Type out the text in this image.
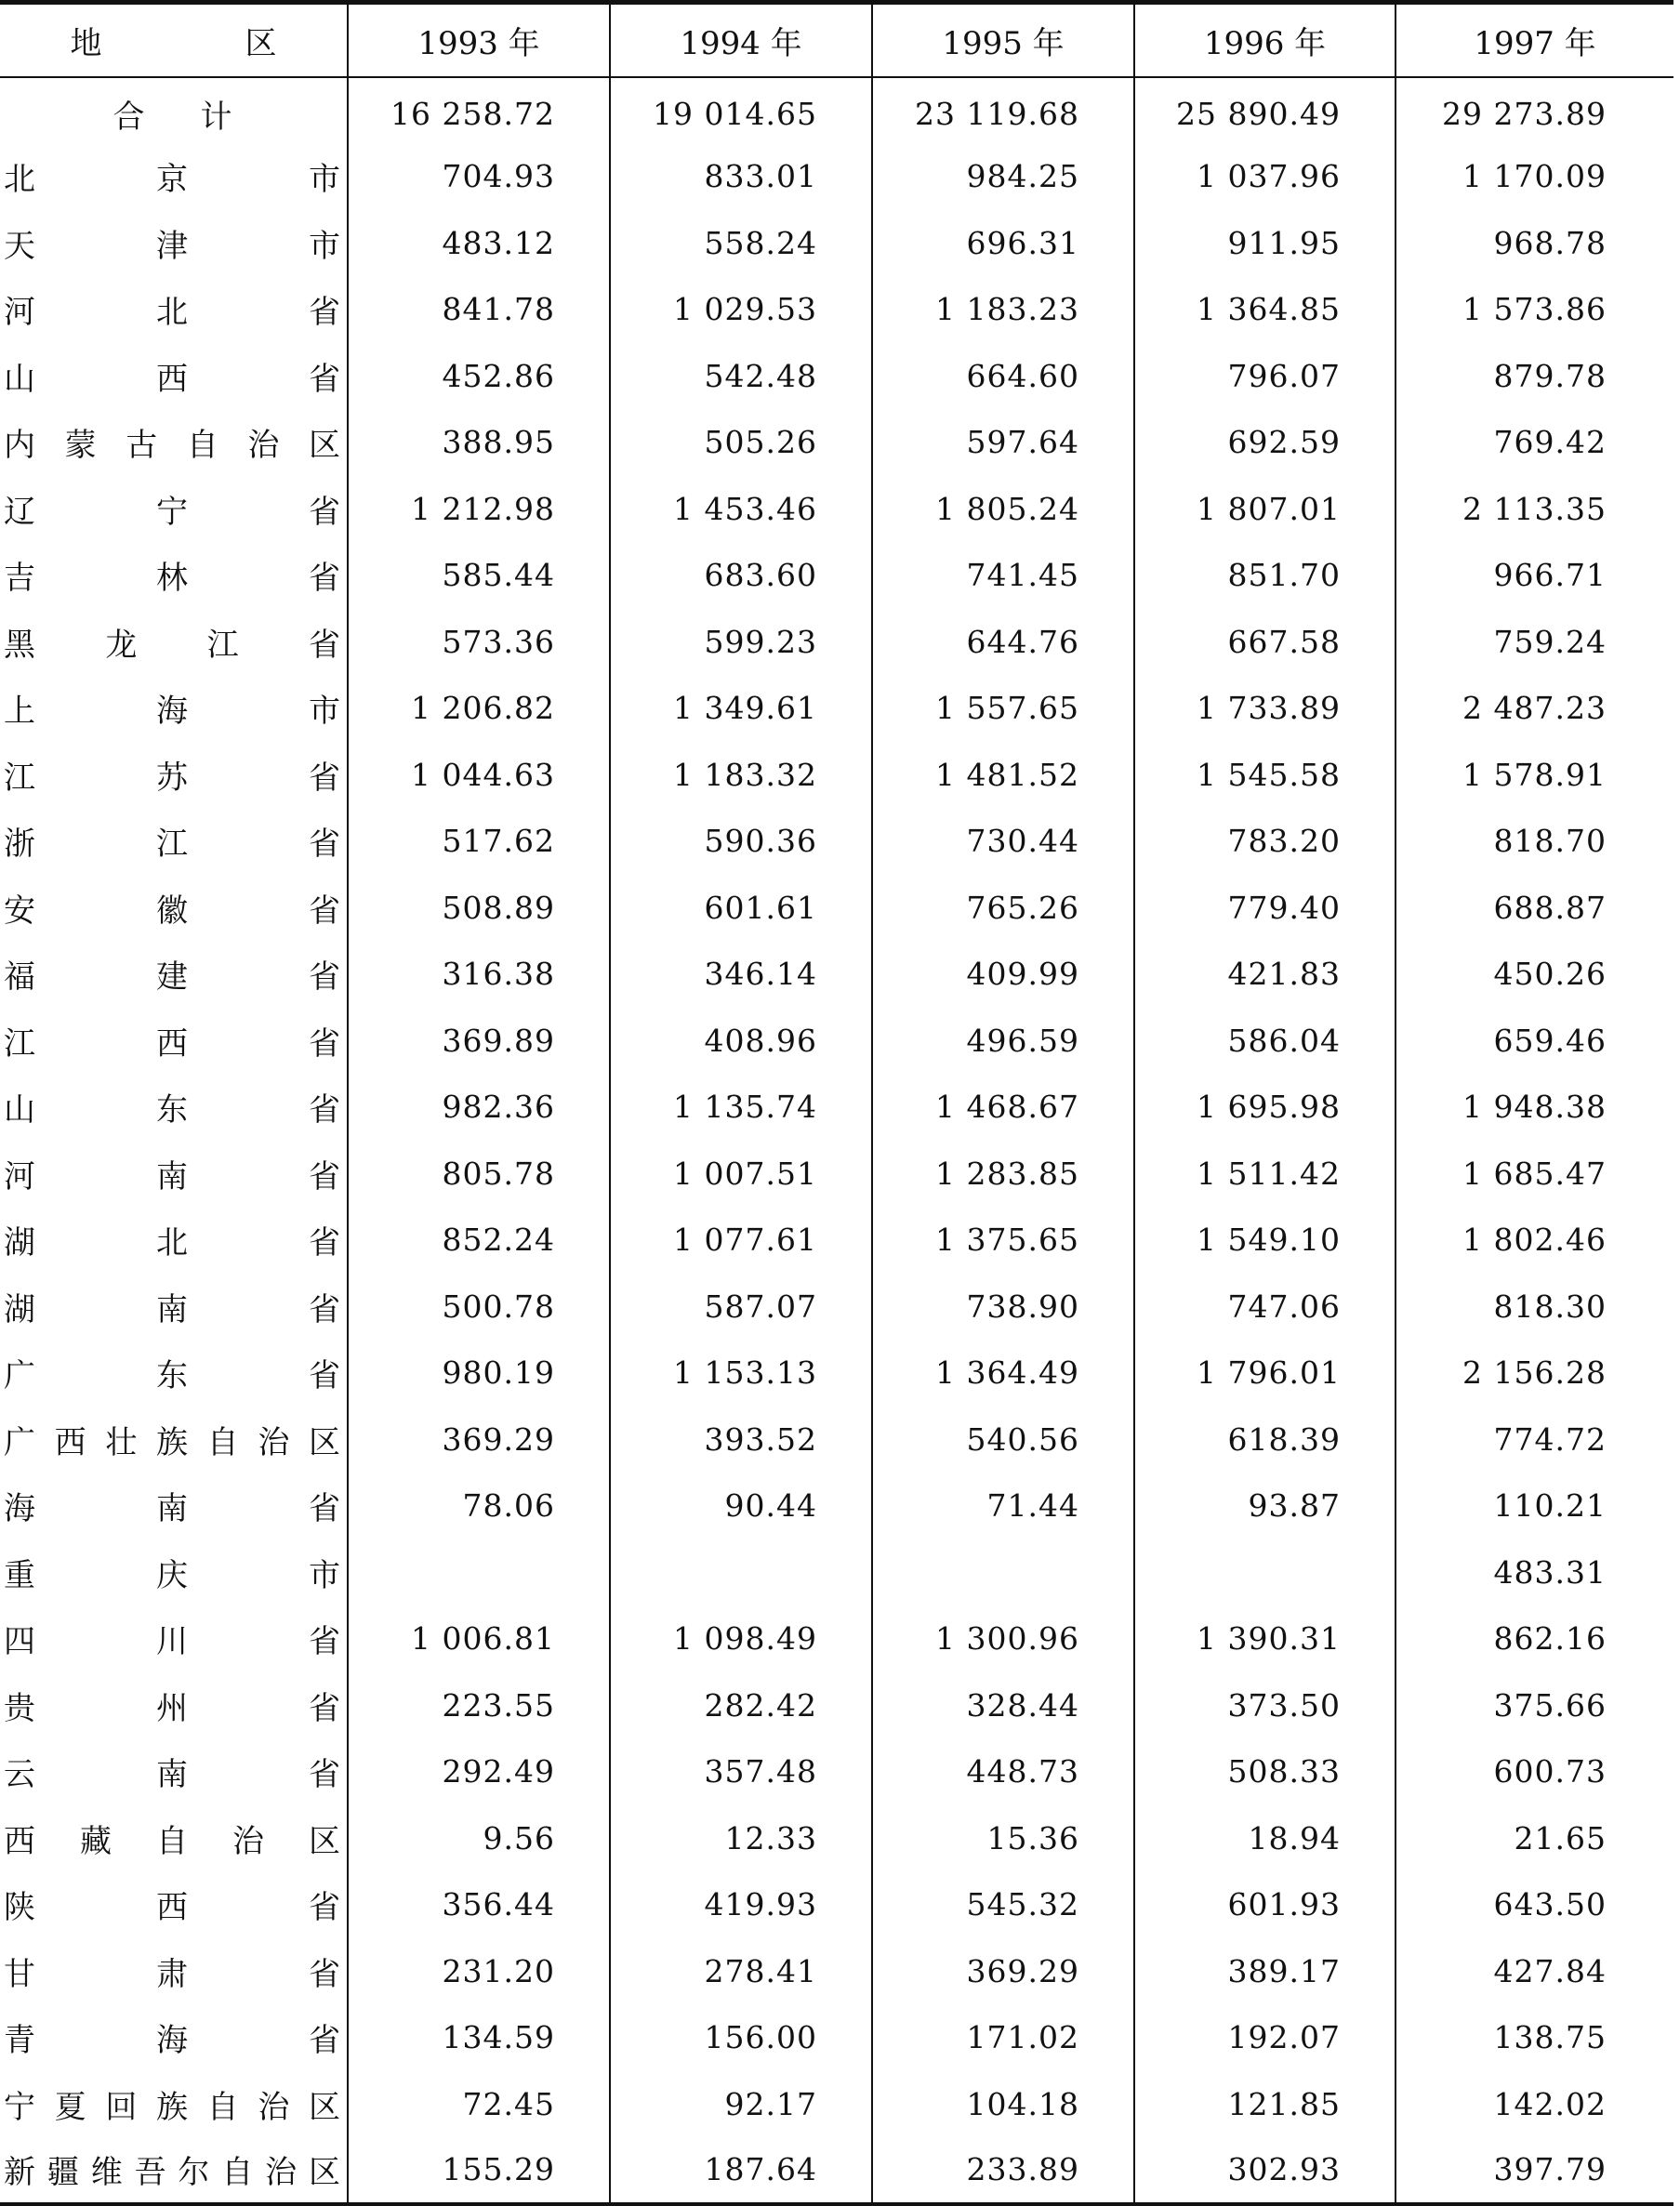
地　区	1993 年	1994 年	1995 年	1996 年	1997 年
合计	16 258.72	19 014.65	23 119.68	25 890.49	29 273.89
北京市	704.93	833.01	984.25	1 037.96	1 170.09
天津市	483.12	558.24	696.31	911.95	968.78
河北省	841.78	1 029.53	1 183.23	1 364.85	1 573.86
山西省	452.86	542.48	664.60	796.07	879.78
内蒙古自治区	388.95	505.26	597.64	692.59	769.42
辽宁省	1 212.98	1 453.46	1 805.24	1 807.01	2 113.35
吉林省	585.44	683.60	741.45	851.70	966.71
黑龙江省	573.36	599.23	644.76	667.58	759.24
上海市	1 206.82	1 349.61	1 557.65	1 733.89	2 487.23
江苏省	1 044.63	1 183.32	1 481.52	1 545.58	1 578.91
浙江省	517.62	590.36	730.44	783.20	818.70
安徽省	508.89	601.61	765.26	779.40	688.87
福建省	316.38	346.14	409.99	421.83	450.26
江西省	369.89	408.96	496.59	586.04	659.46
山东省	982.36	1 135.74	1 468.67	1 695.98	1 948.38
河南省	805.78	1 007.51	1 283.85	1 511.42	1 685.47
湖北省	852.24	1 077.61	1 375.65	1 549.10	1 802.46
湖南省	500.78	587.07	738.90	747.06	818.30
广东省	980.19	1 153.13	1 364.49	1 796.01	2 156.28
广西壮族自治区	369.29	393.52	540.56	618.39	774.72
海南省	78.06	90.44	71.44	93.87	110.21
重庆市					483.31
四川省	1 006.81	1 098.49	1 300.96	1 390.31	862.16
贵州省	223.55	282.42	328.44	373.50	375.66
云南省	292.49	357.48	448.73	508.33	600.73
西藏自治区	9.56	12.33	15.36	18.94	21.65
陕西省	356.44	419.93	545.32	601.93	643.50
甘肃省	231.20	278.41	369.29	389.17	427.84
青海省	134.59	156.00	171.02	192.07	138.75
宁夏回族自治区	72.45	92.17	104.18	121.85	142.02
新疆维吾尔自治区	155.29	187.64	233.89	302.93	397.79
